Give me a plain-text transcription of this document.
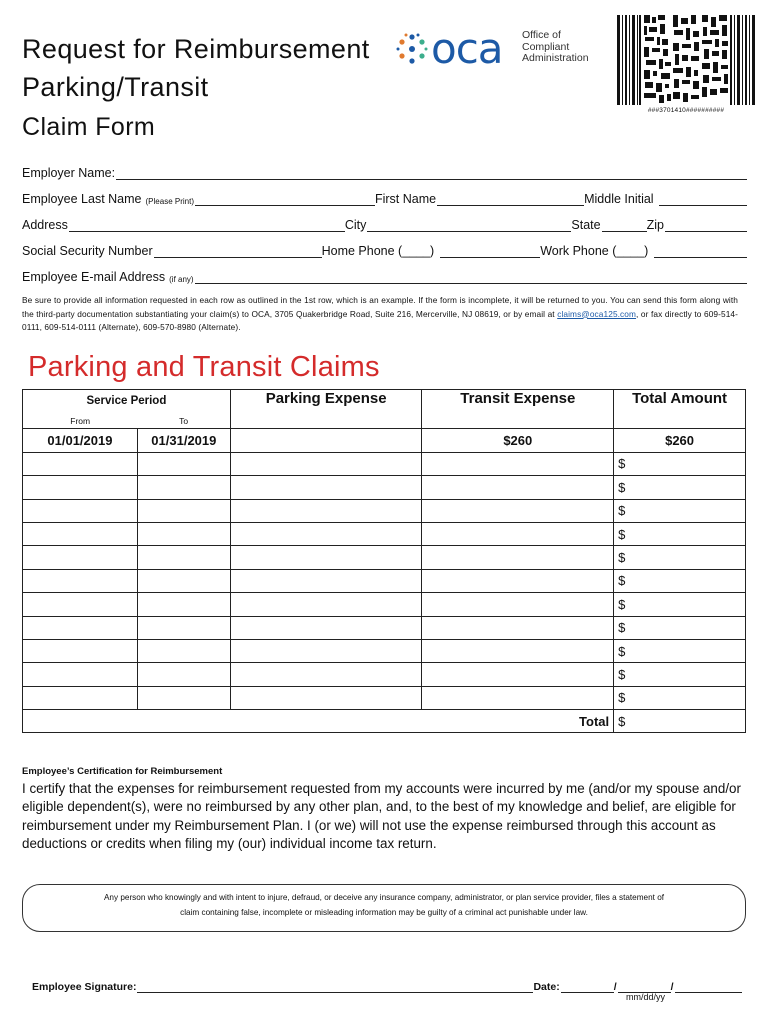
Request for Reimbursement
Parking/Transit
Claim Form
oca Office of
Compliant
Administration
###3701410##########
Employer Name:
Employee Last Name (Please Print)	First Name	Middle Initial
Address	City	State	Zip
Social Security Number	Home Phone (____)	Work Phone (____)
Employee E-mail Address (if any)
Be sure to provide all information requested in each row as outlined in the 1st row, which is an example. If the form is incomplete, it will be returned to you. You can send this form along with the third-party documentation substantiating your claim(s) to OCA, 3705 Quakerbridge Road, Suite 216, Mercerville, NJ 08619, or by email at claims@oca125.com, or fax directly to 609-514-0111, 609-514-0111 (Alternate), 609-570-8980 (Alternate).
Parking and Transit Claims
Service Period		Parking Expense	Transit Expense	Total Amount
From	To			
01/01/2019	01/31/2019		$260	$260
				$
				$
				$
				$
				$
				$
				$
				$
				$
				$
				$
Total				$
Employee’s Certification for Reimbursement
I certify that the expenses for reimbursement requested from my accounts were incurred by me (and/or my spouse and/or eligible dependent(s), were no reimbursed by any other plan, and, to the best of my knowledge and belief, are eligible for reimbursement under my Reimbursement Plan. I (or we) will not use the expense reimbursed through this account as deductions or credits when filing my (our) individual income tax return.
Any person who knowingly and with intent to injure, defraud, or deceive any insurance company, administrator, or plan service provider, files a statement of
claim containing false, incomplete or misleading information may be guilty of a criminal act punishable under law.
Employee Signature:	Date:	/	/
mm/dd/yy
